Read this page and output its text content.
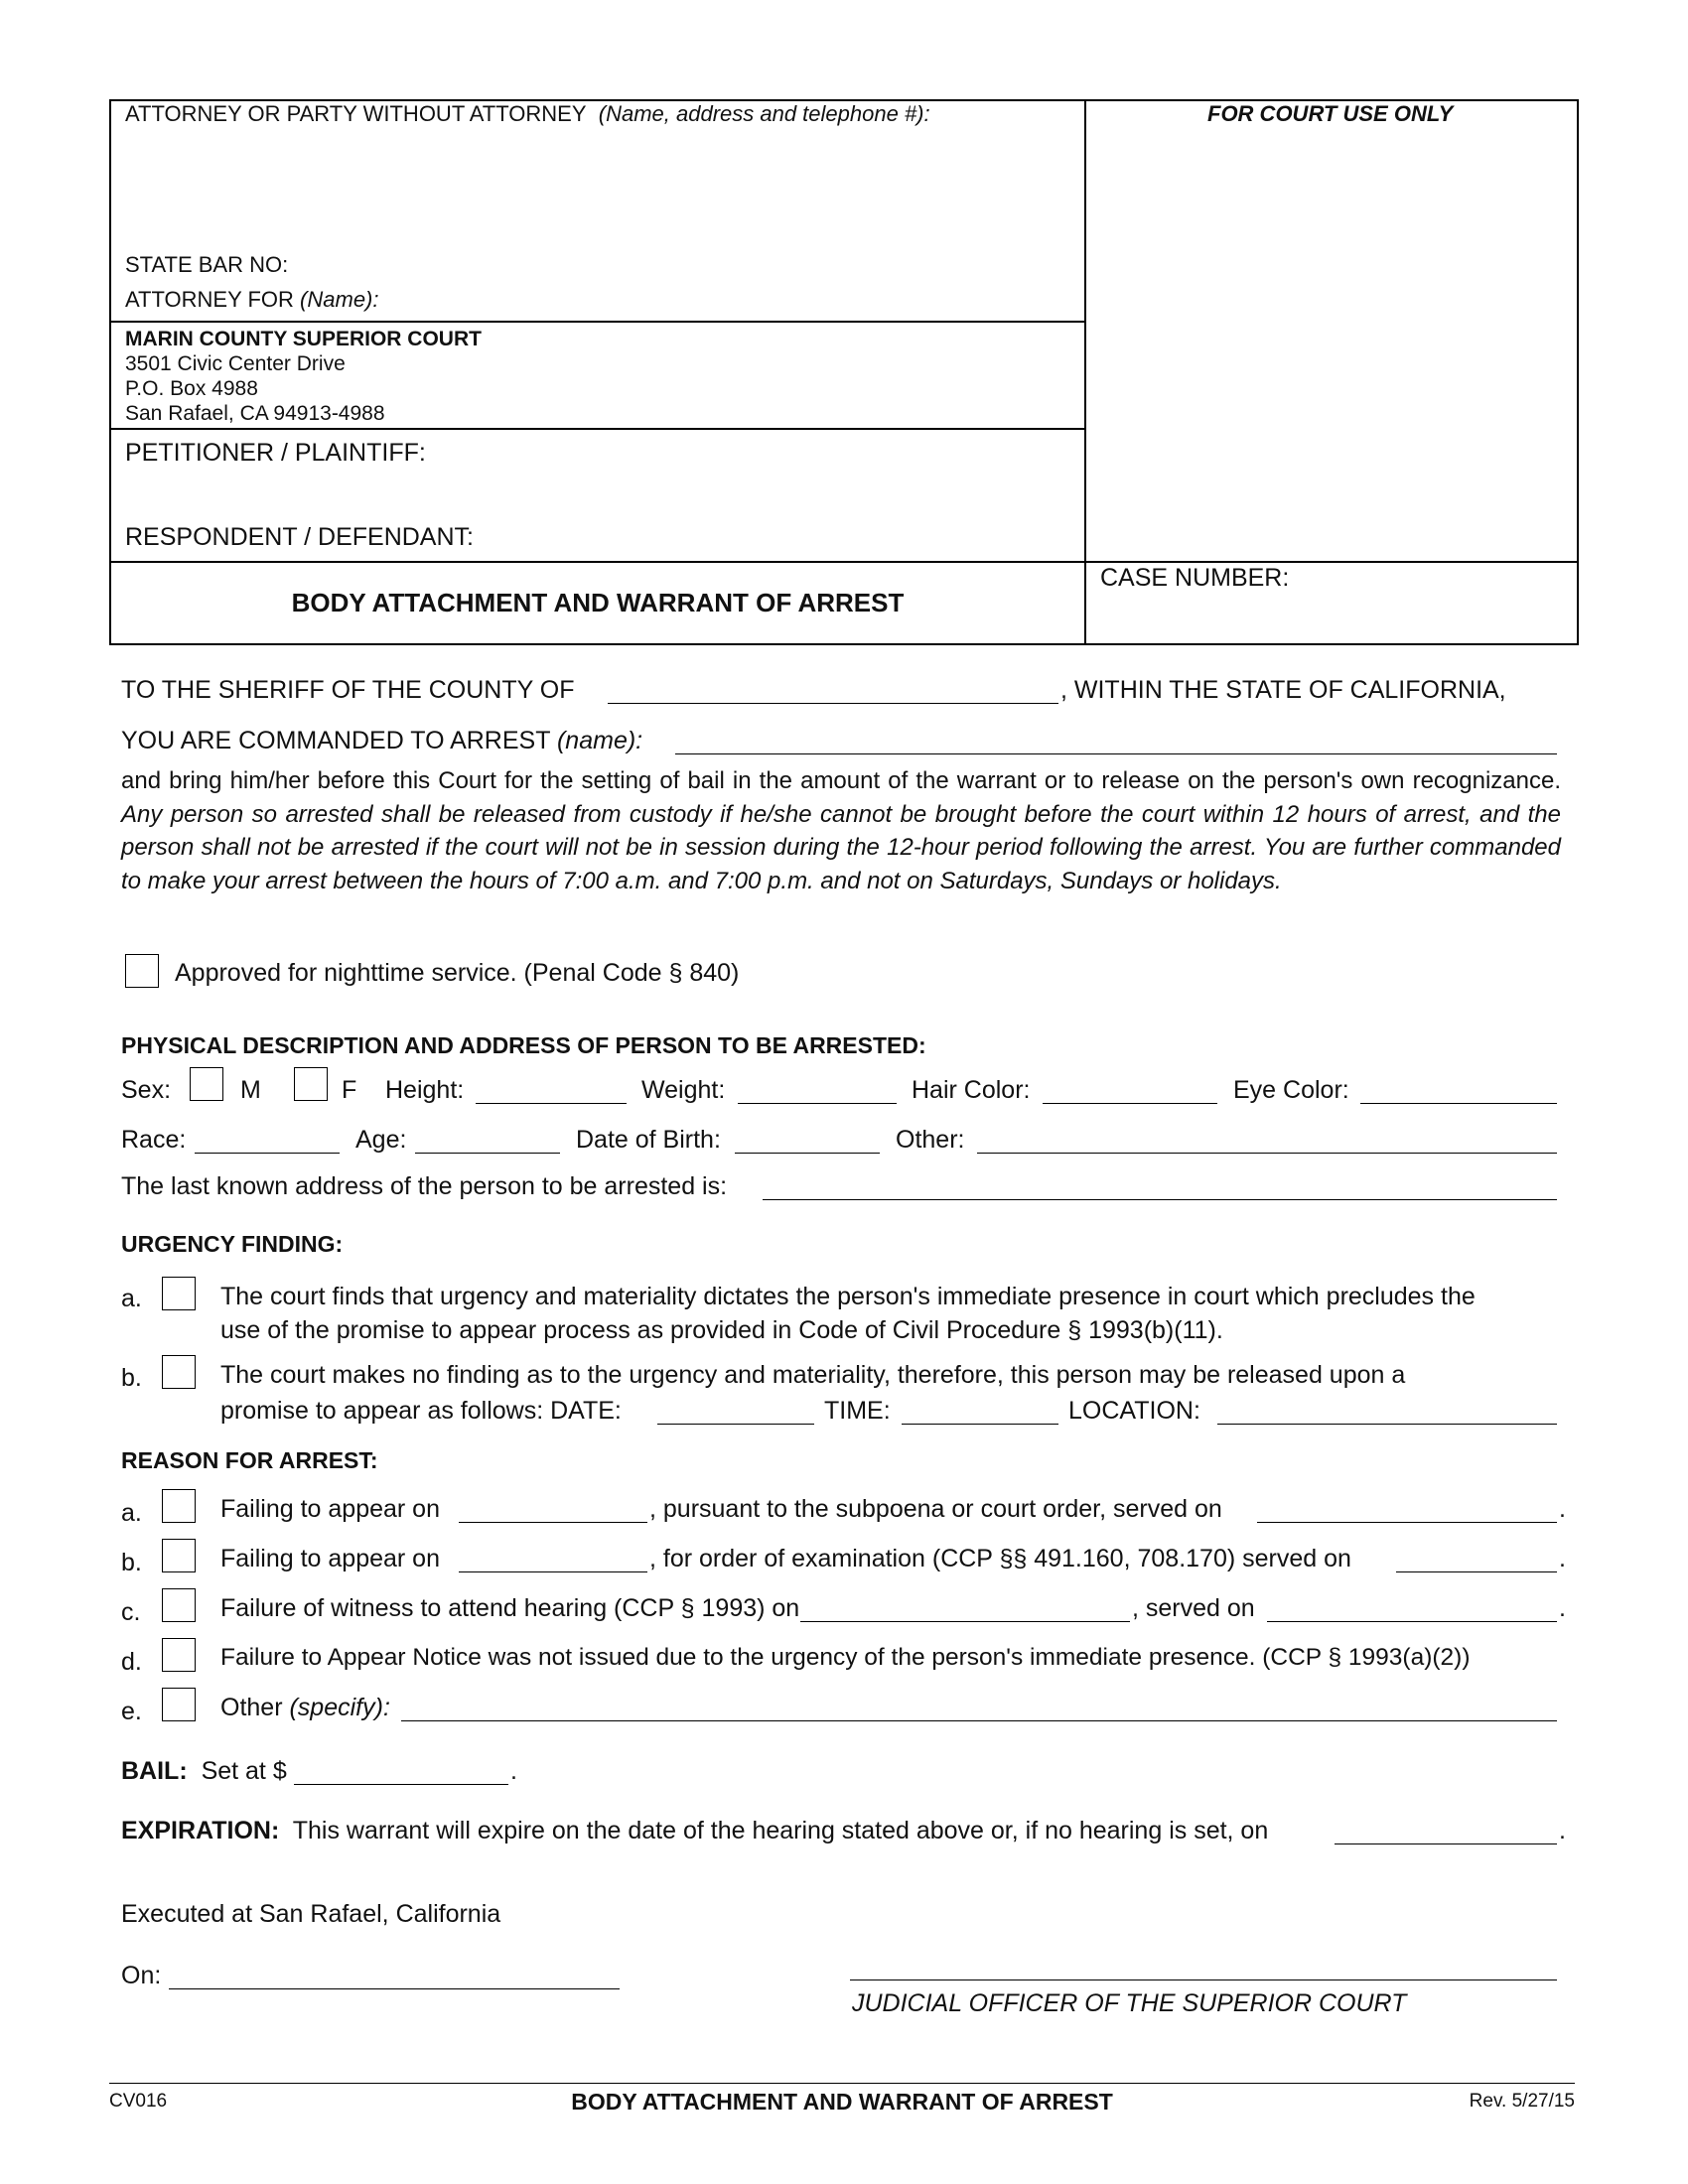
ATTORNEY OR PARTY WITHOUT ATTORNEY (Name, address and telephone #):	FOR COURT USE ONLY
STATE BAR NO:
ATTORNEY FOR (Name):
MARIN COUNTY SUPERIOR COURT
3501 Civic Center Drive
P.O. Box 4988
San Rafael, CA 94913-4988
PETITIONER / PLAINTIFF:
RESPONDENT / DEFENDANT:
BODY ATTACHMENT AND WARRANT OF ARREST
CASE NUMBER:
TO THE SHERIFF OF THE COUNTY OF	, WITHIN THE STATE OF CALIFORNIA,
YOU ARE COMMANDED TO ARREST (name):
and bring him/her before this Court for the setting of bail in the amount of the warrant or to release on the person's own recognizance. Any person so arrested shall be released from custody if he/she cannot be brought before the court within 12 hours of arrest, and the person shall not be arrested if the court will not be in session during the 12-hour period following the arrest. You are further commanded to make your arrest between the hours of 7:00 a.m. and 7:00 p.m. and not on Saturdays, Sundays or holidays.
Approved for nighttime service. (Penal Code § 840)
PHYSICAL DESCRIPTION AND ADDRESS OF PERSON TO BE ARRESTED:
Sex:	M	F Height:	Weight:	Hair Color:	Eye Color:
Race:	Age:	Date of Birth:	Other:
The last known address of the person to be arrested is:
URGENCY FINDING:
a.	The court finds that urgency and materiality dictates the person's immediate presence in court which precludes the
use of the promise to appear process as provided in Code of Civil Procedure § 1993(b)(11).
b.	The court makes no finding as to the urgency and materiality, therefore, this person may be released upon a
promise to appear as follows: DATE:	TIME:	LOCATION:
REASON FOR ARREST:
a.	Failing to appear on	, pursuant to the subpoena or court order, served on	.
b.	Failing to appear on	, for order of examination (CCP §§ 491.160, 708.170) served on	.
c.	Failure of witness to attend hearing (CCP § 1993) on	, served on	.
d.	Failure to Appear Notice was not issued due to the urgency of the person's immediate presence. (CCP § 1993(a)(2))
e.	Other (specify):
BAIL: Set at $	.
EXPIRATION: This warrant will expire on the date of the hearing stated above or, if no hearing is set, on	.
Executed at San Rafael, California
On:
JUDICIAL OFFICER OF THE SUPERIOR COURT
CV016	BODY ATTACHMENT AND WARRANT OF ARREST	Rev. 5/27/15
